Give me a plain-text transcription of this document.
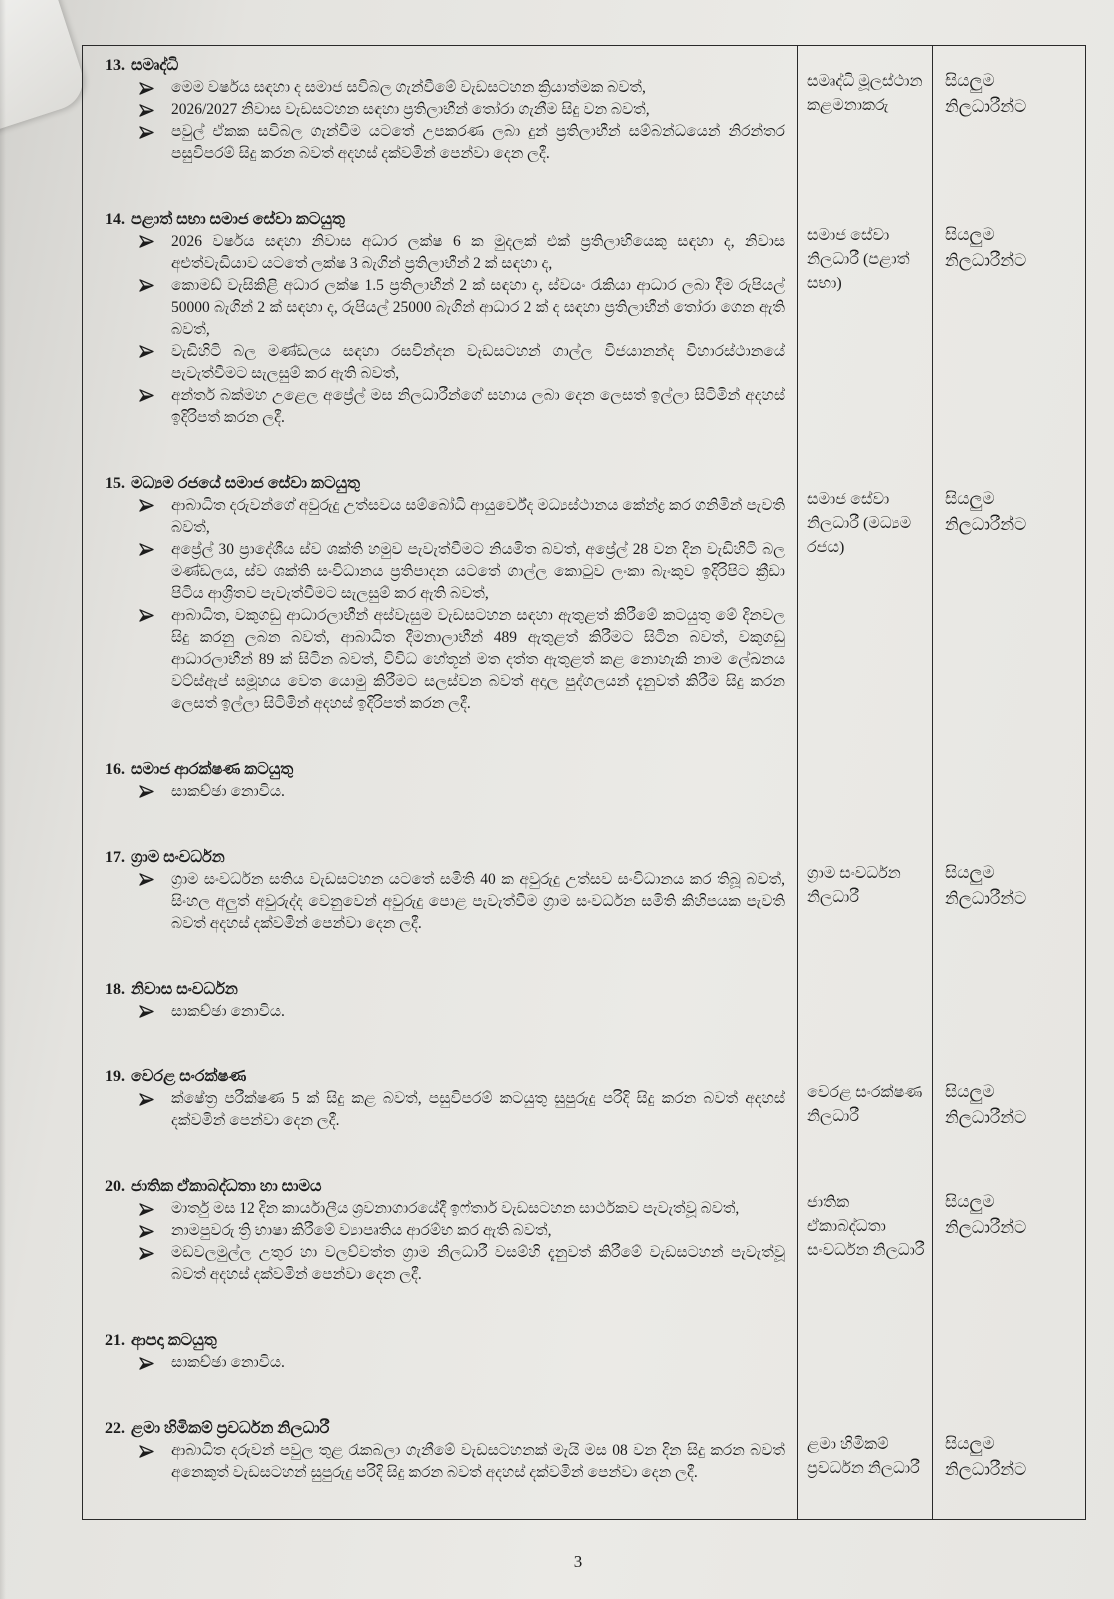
13. සමෘද්ධි
මෙම වර්ෂය සඳහා ද සමාජ සවිබල ගැන්වීමේ වැඩසටහන ක්‍රියාත්මක බවත්,
2026/2027 නිවාස වැඩසටහන සඳහා ප්‍රතිලාභීන් තෝරා ගැනීම සිදු වන බවත්,
පවුල් ඒකක සවිබල ගැන්වීම යටතේ උපකරණ ලබා දුන් ප්‍රතිලාභීන් සම්බන්ධයෙන් නිරන්තර පසුවිපරම් සිදු කරන බවත් අදහස් දක්වමින් පෙන්වා දෙන ලදී.
සමෘද්ධි මූලස්ථාන කළමනාකරු
සියලුම නිලධාරීන්ට
14. පළාත් සභා සමාජ සේවා කටයුතු
2026 වර්ෂය සඳහා නිවාස අධාර ලක්ෂ 6 ක මුදලක් එක් ප්‍රතිලාභියෙකු සඳහා ද, නිවාස අළුත්වැඩියාව යටතේ ලක්ෂ 3 බැගින් ප්‍රතිලාභීන් 2 ක් සඳහා ද,
කොමඩ් වැසිකිළි අධාර ලක්ෂ 1.5 ප්‍රතිලාභීන් 2 ක් සඳහා ද, ස්වයං රැකියා ආධාර ලබා දීම රුපියල් 50000 බැගින් 2 ක් සඳහා ද, රුපියල් 25000 බැගින් ආධාර 2 ක් ද සඳහා ප්‍රතිලාභීන් තෝරා ගෙන ඇති බවත්,
වැඩිහිටි බල මණ්ඩලය සඳහා රසවින්දන වැඩසටහන් ගාල්ල විජයානන්ද විහාරස්ථානයේ පැවැත්වීමට සැලසුම් කර ඇති බවත්,
අන්තර් බක්මහ උළෙල අප්‍රේල් මස නිලධාරීන්ගේ සහාය ලබා දෙන ලෙසත් ඉල්ලා සිටිමින් අදහස් ඉදිරිපත් කරන ලදී.
සමාජ සේවා නිලධාරී (පළාත් සභා)
සියලුම නිලධාරීන්ට
15. මධ්‍යම රජයේ සමාජ සේවා කටයුතු
ආබාධිත දරුවන්ගේ අවුරුදු උත්සවය සම්බෝධි ආයුර්වේද මධ්‍යස්ථානය කේන්ද්‍ර කර ගනිමින් පැවති බවත්,
අප්‍රේල් 30 ප්‍රාදේශීය ස්ව ශක්ති හමුව පැවැත්වීමට නියමිත බවත්, අප්‍රේල් 28 වන දින වැඩිහිටි බල මණ්ඩලය, ස්ව ශක්ති සංවිධානය ප්‍රතිපාදන යටතේ ගාල්ල කොටුව ලංකා බැංකුව ඉදිරිපිට ක්‍රීඩා පිටිය ආශ්‍රිතව පැවැත්වීමට සැලසුම් කර ඇති බවත්,
ආබාධිත, වකුගඩු ආධාරලාභීන් අස්වැසුම වැඩසටහන සඳහා ඇතුළත් කිරීමේ කටයුතු මේ දිනවල සිදු කරනු ලබන බවත්, ආබාධිත දීමනාලාභීන් 489 ඇතුළත් කිරීමට සිටින බවත්, වකුගඩු ආධාරලාභීන් 89 ක් සිටින බවත්, විවිධ හේතූන් මත දත්ත ඇතුළත් කළ නොහැකි නාම ලේඛනය වට්ස්ඇප් සමූහය වෙත යොමු කිරීමට සලස්වන බවත් අදාල පුද්ගලයන් දැනුවත් කිරීම සිදු කරන ලෙසත් ඉල්ලා සිටිමින් අදහස් ඉදිරිපත් කරන ලදී.
සමාජ සේවා නිලධාරී (මධ්‍යම රජය)
සියලුම නිලධාරීන්ට
16. සමාජ ආරක්ෂණ කටයුතු
සාකච්ඡා නොවිය.
17. ග්‍රාම සංවර්ධන
ග්‍රාම සංවර්ධන සතිය වැඩසටහන යටතේ සමිති 40 ක අවුරුදු උත්සව සංවිධානය කර තිබූ බවත්, සිංහල අලුත් අවුරුද්ද වෙනුවෙන් අවුරුදු පොළ පැවැත්වීම ග්‍රාම සංවර්ධන සමිති කිහිපයක පැවති බවත් අදහස් දක්වමින් පෙන්වා දෙන ලදී.
ග්‍රාම සංවර්ධන නිලධාරී
සියලුම නිලධාරීන්ට
18. නිවාස සංවර්ධන
සාකච්ඡා නොවිය.
19. වෙරළ සංරක්ෂණ
ක්ෂේත්‍ර පරීක්ෂණ 5 ක් සිදු කළ බවත්, පසුවිපරම් කටයුතු සුපුරුදු පරිදි සිදු කරන බවත් අදහස් දක්වමින් පෙන්වා දෙන ලදී.
වෙරළ සංරක්ෂණ නිලධාරී
සියලුම නිලධාරීන්ට
20. ජාතික ඒකාබද්ධතා හා සාමය
මාර්තු මස 12 දින කාර්යාලීය ශ්‍රවනාගාරයේදී ඉෆ්තාර් වැඩසටහන සාර්ථකව පැවැත්වූ බවත්,
නාමපුවරු ත්‍රි භාෂා කිරීමේ ව්‍යාපෘතිය ආරම්භ කර ඇති බවත්,
මඩවලමුල්ල උතුර හා වලව්වත්ත ග්‍රාම නිලධාරී වසම්හි දැනුවත් කිරීමේ වැඩසටහන් පැවැත්වූ බවත් අදහස් දක්වමින් පෙන්වා දෙන ලදී.
ජාතික ඒකාබද්ධතා සංවර්ධන නිලධාරී
සියලුම නිලධාරීන්ට
21. ආපදා කටයුතු
සාකච්ඡා නොවිය.
22. ළමා හිමිකම් ප්‍රවර්ධන නිලධාරී
ආබාධිත දරුවන් පවුල තුළ රැකබලා ගැනීමේ වැඩසටහනක් මැයි මස 08 වන දින සිදු කරන බවත් අනෙකුත් වැඩසටහන් සුපුරුදු පරිදි සිදු කරන බවත් අදහස් දක්වමින් පෙන්වා දෙන ලදී.
ළමා හිමිකම් ප්‍රවර්ධන නිලධාරී
සියලුම නිලධාරීන්ට
3
